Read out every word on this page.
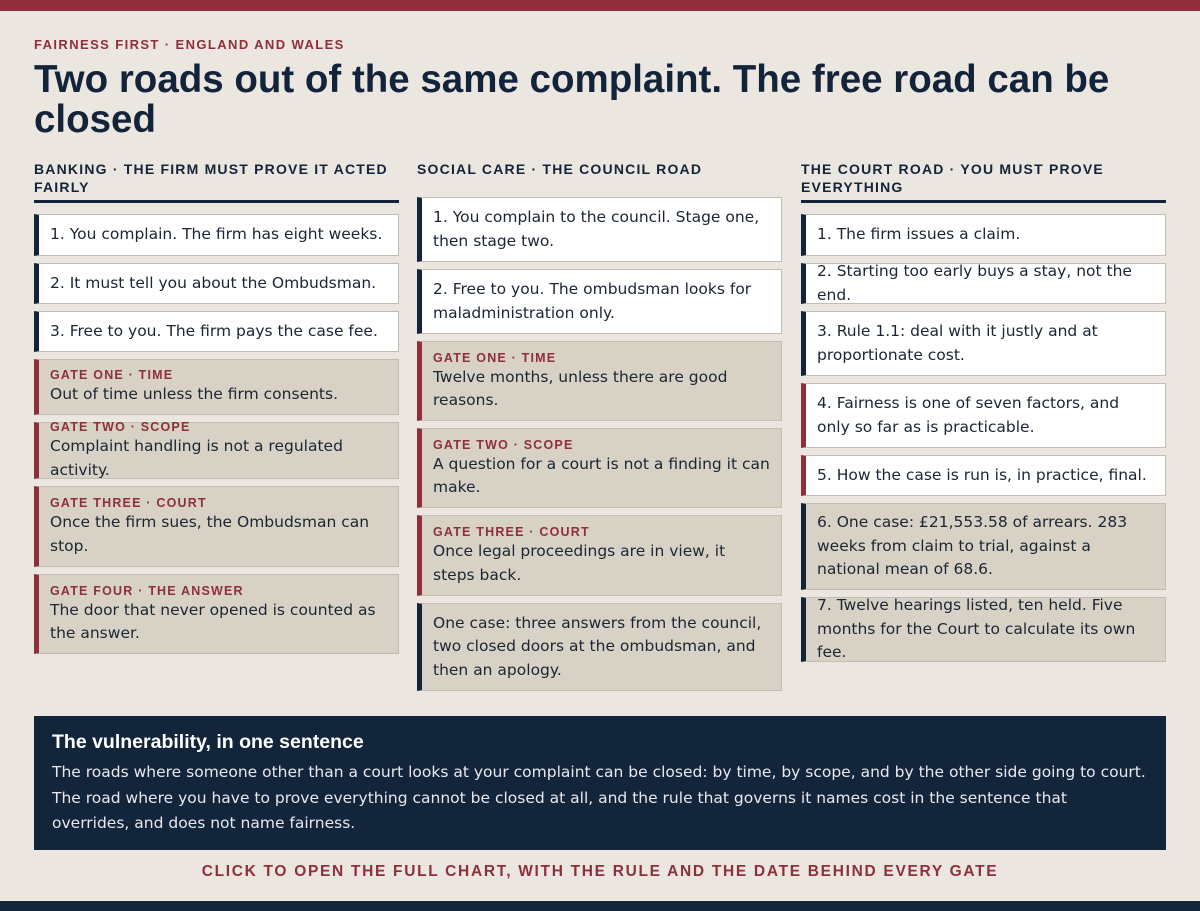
FAIRNESS FIRST · ENGLAND AND WALES
Two roads out of the same complaint. The free road can be closed
BANKING · THE FIRM MUST PROVE IT ACTED FAIRLY
1. You complain. The firm has eight weeks.
2. It must tell you about the Ombudsman.
3. Free to you. The firm pays the case fee.
GATE ONE · TIME
Out of time unless the firm consents.
GATE TWO · SCOPE
Complaint handling is not a regulated activity.
GATE THREE · COURT
Once the firm sues, the Ombudsman can stop.
GATE FOUR · THE ANSWER
The door that never opened is counted as the answer.
SOCIAL CARE · THE COUNCIL ROAD
1. You complain to the council. Stage one, then stage two.
2. Free to you. The ombudsman looks for maladministration only.
GATE ONE · TIME
Twelve months, unless there are good reasons.
GATE TWO · SCOPE
A question for a court is not a finding it can make.
GATE THREE · COURT
Once legal proceedings are in view, it steps back.
One case: three answers from the council, two closed doors at the ombudsman, and then an apology.
THE COURT ROAD · YOU MUST PROVE EVERYTHING
1. The firm issues a claim.
2. Starting too early buys a stay, not the end.
3. Rule 1.1: deal with it justly and at proportionate cost.
4. Fairness is one of seven factors, and only so far as is practicable.
5. How the case is run is, in practice, final.
6. One case: £21,553.58 of arrears. 283 weeks from claim to trial, against a national mean of 68.6.
7. Twelve hearings listed, ten held. Five months for the Court to calculate its own fee.
The vulnerability, in one sentence
The roads where someone other than a court looks at your complaint can be closed: by time, by scope, and by the other side going to court. The road where you have to prove everything cannot be closed at all, and the rule that governs it names cost in the sentence that overrides, and does not name fairness.
CLICK TO OPEN THE FULL CHART, WITH THE RULE AND THE DATE BEHIND EVERY GATE
